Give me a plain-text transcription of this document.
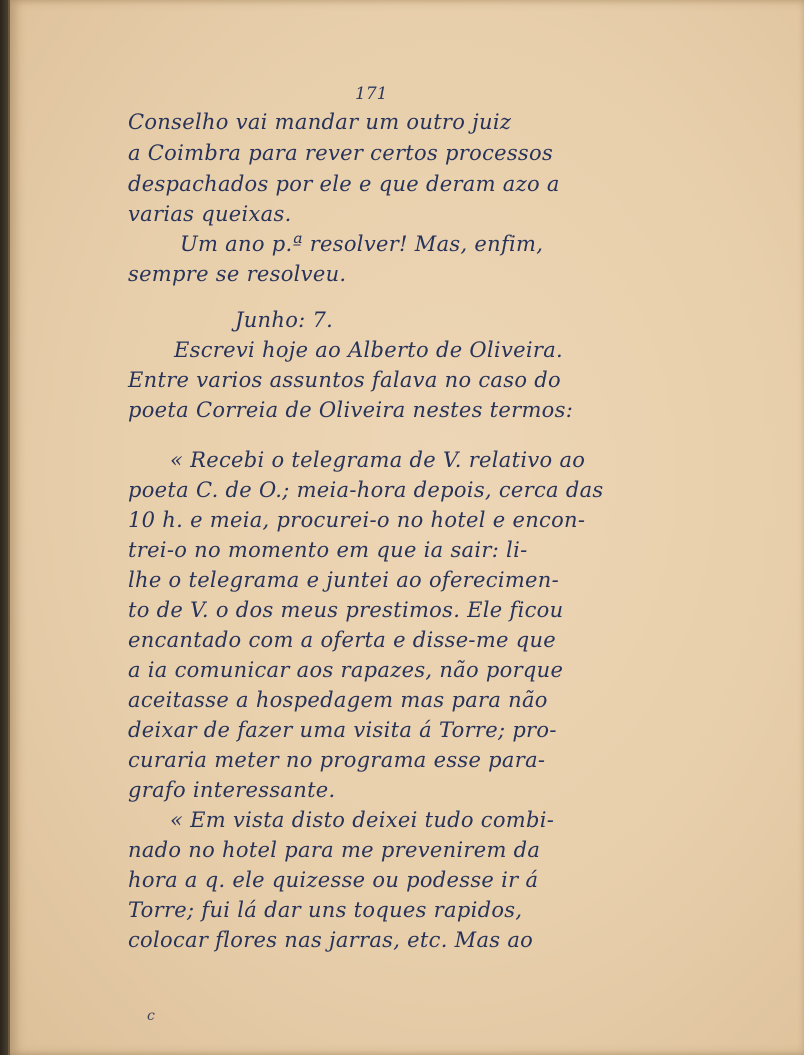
171
Conselho vai mandar um outro juiz
a Coimbra para rever certos processos
despachados por ele e que deram azo a
varias queixas.
Um ano p.ª resolver! Mas, enfim,
sempre se resolveu.
Junho: 7.
Escrevi hoje ao Alberto de Oliveira.
Entre varios assuntos falava no caso do
poeta Correia de Oliveira nestes termos:
« Recebi o telegrama de V. relativo ao
poeta C. de O.; meia-hora depois, cerca das
10 h. e meia, procurei-o no hotel e encon-
trei-o no momento em que ia sair: li-
lhe o telegrama e juntei ao oferecimen-
to de V. o dos meus prestimos. Ele ficou
encantado com a oferta e disse-me que
a ia comunicar aos rapazes, não porque
aceitasse a hospedagem mas para não
deixar de fazer uma visita á Torre; pro-
curaria meter no programa esse para-
grafo interessante.
« Em vista disto deixei tudo combi-
nado no hotel para me prevenirem da
hora a q. ele quizesse ou podesse ir á
Torre; fui lá dar uns toques rapidos,
colocar flores nas jarras, etc. Mas ao
c
